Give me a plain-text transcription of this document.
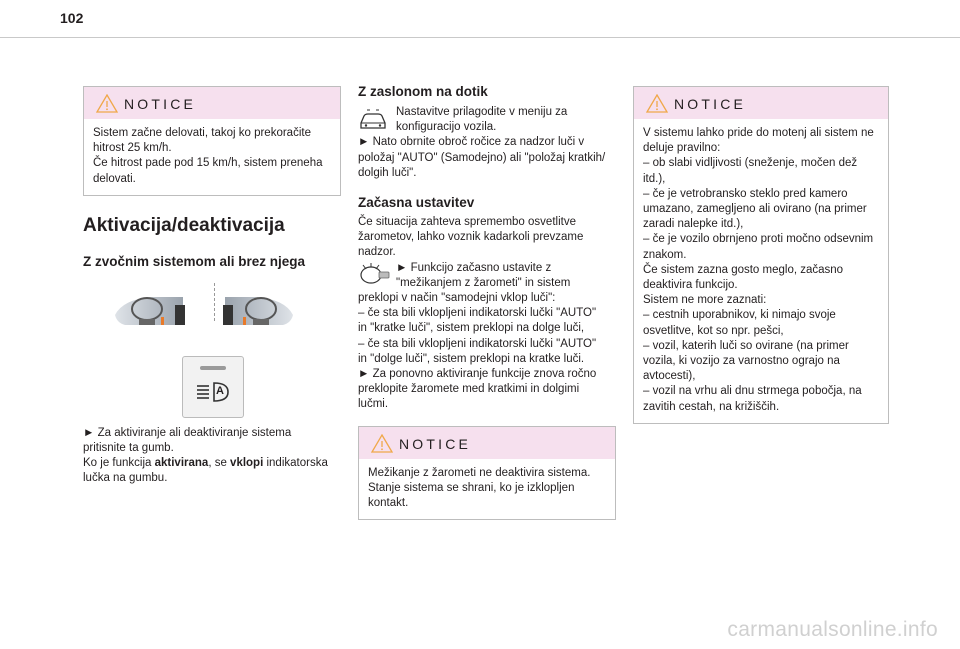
102
NOTICE

Sistem začne delovati, takoj ko prekoračite

hitrost 25 km/h.

Če hitrost pade pod 15 km/h, sistem preneha

delovati.

Aktivacija/deaktivacija
Z zvočnim sistemom ali brez njega
A

► Za aktiviranje ali deaktiviranje sistema

pritisnite ta gumb.

Ko je funkcija aktivirana, se vklopi indikatorska

lučka na gumbu.

Z zaslonom na dotik

Nastavitve prilagodite v meniju za

konfiguracijo vozila.

► Nato obrnite obroč ročice za nadzor luči v

položaj "AUTO" (Samodejno) ali "položaj kratkih/

dolgih luči".

Začasna ustavitev

Če situacija zahteva spremembo osvetlitve

žarometov, lahko voznik kadarkoli prevzame

nadzor.

► Funkcijo začasno ustavite z

"mežikanjem z žarometi" in sistem

preklopi v način "samodejni vklop luči":

– če sta bili vklopljeni indikatorski lučki "AUTO"

in "kratke luči", sistem preklopi na dolge luči,

– če sta bili vklopljeni indikatorski lučki "AUTO"

in "dolge luči", sistem preklopi na kratke luči.

► Za ponovno aktiviranje funkcije znova ročno

preklopite žaromete med kratkimi in dolgimi

lučmi.

NOTICE

Mežikanje z žarometi ne deaktivira sistema.

Stanje sistema se shrani, ko je izklopljen

kontakt.

NOTICE

V sistemu lahko pride do motenj ali sistem ne

deluje pravilno:

– ob slabi vidljivosti (sneženje, močen dež

itd.),

– če je vetrobransko steklo pred kamero

umazano, zamegljeno ali ovirano (na primer

zaradi nalepke itd.),

– če je vozilo obrnjeno proti močno odsevnim

znakom.

Če sistem zazna gosto meglo, začasno

deaktivira funkcijo.

Sistem ne more zaznati:

– cestnih uporabnikov, ki nimajo svoje

osvetlitve, kot so npr. pešci,

– vozil, katerih luči so ovirane (na primer

vozila, ki vozijo za varnostno ograjo na

avtocesti),

– vozil na vrhu ali dnu strmega pobočja, na

zavitih cestah, na križiščih.

carmanualsonline.info
